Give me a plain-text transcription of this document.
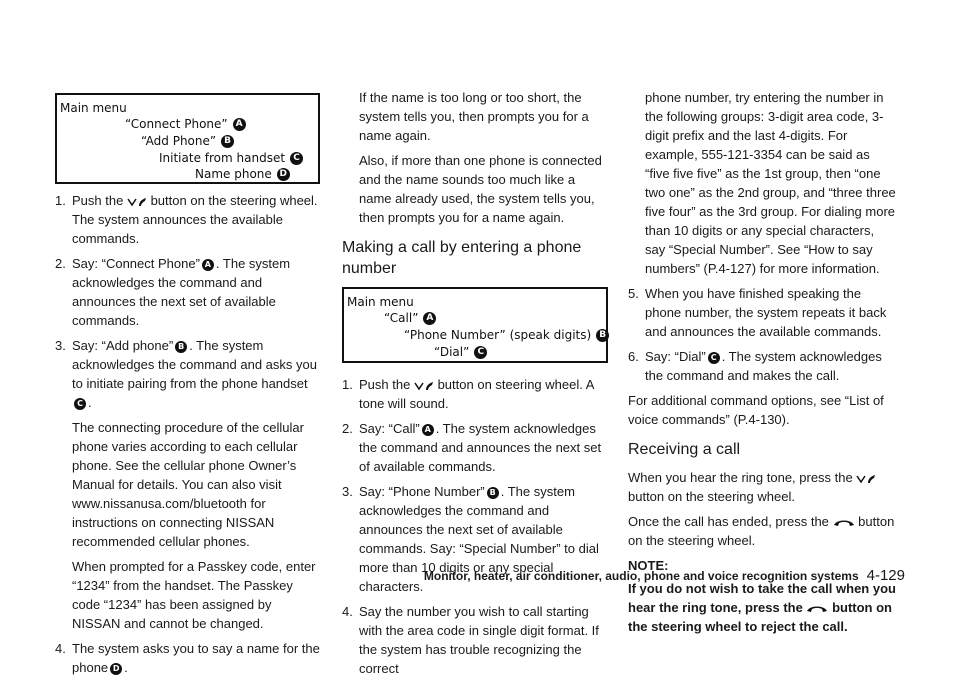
Main menu
“Connect Phone” A
“Add Phone” B
Initiate from handset C
Name phone D
1. Push the button on the steering wheel. The system announces the available commands.
2. Say: “Connect Phone” A . The system acknowledges the command and announces the next set of available commands.
3. Say: “Add phone” B . The system acknowledges the command and asks you to initiate pairing from the phone handsetC .

The connecting procedure of the cellular phone varies according to each cellular phone. See the cellular phone Owner’s Manual for details. You can also visit www.nissanusa.com/bluetooth for instructions on connecting NISSAN recommended cellular phones.

When prompted for a Passkey code, enter “1234” from the handset. The Passkey code “1234” has been assigned by NISSAN and cannot be changed.

4. The system asks you to say a name for the phone D .

If the name is too long or too short, the system tells you, then prompts you for a name again.

Also, if more than one phone is connected and the name sounds too much like a name already used, the system tells you, then prompts you for a name again.

Making a call by entering a phone number
Main menu
“Call” A
“Phone Number” (speak digits) B
“Dial” C
1. Push the button on steering wheel. A tone will sound.
2. Say: “Call” A . The system acknowledges the command and announces the next set of available commands.
3. Say: “Phone Number” B . The system acknowledges the command and announces the next set of available commands. Say: “Special Number” to dial more than 10 digits or any special characters.
4. Say the number you wish to call starting with the area code in single digit format. If the system has trouble recognizing the correct

phone number, try entering the number in the following groups: 3-digit area code, 3-digit prefix and the last 4-digits. For example, 555-121-3354 can be said as “five five five” as the 1st group, then “one two one” as the 2nd group, and “three three five four” as the 3rd group. For dialing more than 10 digits or any special characters, say “Special Number”. See “How to say numbers” (P.4-127) for more information.

5. When you have finished speaking the phone number, the system repeats it back and announces the available commands.
6. Say: “Dial” C . The system acknowledges the command and makes the call.

For additional command options, see “List of voice commands” (P.4-130).

Receiving a call

When you hear the ring tone, press the  button on the steering wheel.

Once the call has ended, press the button on the steering wheel.

NOTE:

If you do not wish to take the call when you hear the ring tone, press the button on the steering wheel to reject the call.

Monitor, heater, air conditioner, audio, phone and voice recognition systems 4-129
